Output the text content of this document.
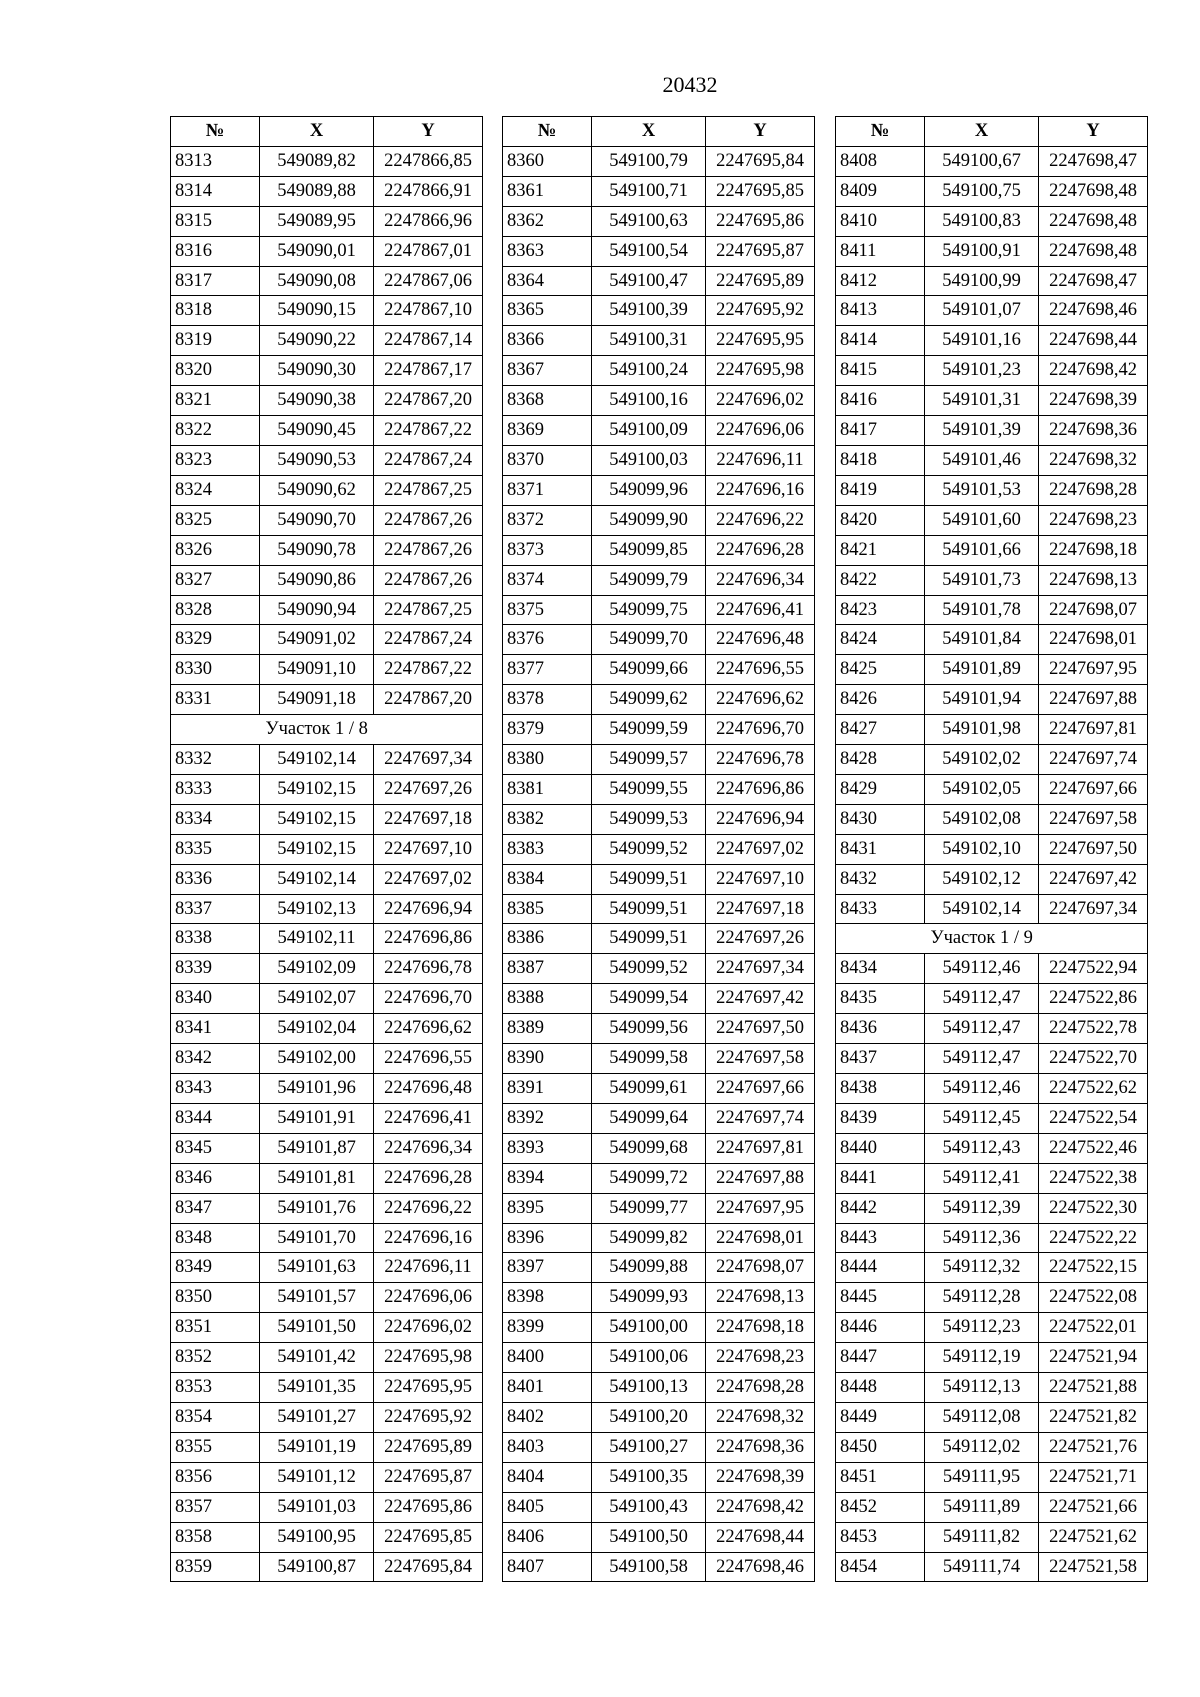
20432
№	X	Y
8313	549089,82	2247866,85
8314	549089,88	2247866,91
8315	549089,95	2247866,96
8316	549090,01	2247867,01
8317	549090,08	2247867,06
8318	549090,15	2247867,10
8319	549090,22	2247867,14
8320	549090,30	2247867,17
8321	549090,38	2247867,20
8322	549090,45	2247867,22
8323	549090,53	2247867,24
8324	549090,62	2247867,25
8325	549090,70	2247867,26
8326	549090,78	2247867,26
8327	549090,86	2247867,26
8328	549090,94	2247867,25
8329	549091,02	2247867,24
8330	549091,10	2247867,22
8331	549091,18	2247867,20
	Участок 1 / 8	
8332	549102,14	2247697,34
8333	549102,15	2247697,26
8334	549102,15	2247697,18
8335	549102,15	2247697,10
8336	549102,14	2247697,02
8337	549102,13	2247696,94
8338	549102,11	2247696,86
8339	549102,09	2247696,78
8340	549102,07	2247696,70
8341	549102,04	2247696,62
8342	549102,00	2247696,55
8343	549101,96	2247696,48
8344	549101,91	2247696,41
8345	549101,87	2247696,34
8346	549101,81	2247696,28
8347	549101,76	2247696,22
8348	549101,70	2247696,16
8349	549101,63	2247696,11
8350	549101,57	2247696,06
8351	549101,50	2247696,02
8352	549101,42	2247695,98
8353	549101,35	2247695,95
8354	549101,27	2247695,92
8355	549101,19	2247695,89
8356	549101,12	2247695,87
8357	549101,03	2247695,86
8358	549100,95	2247695,85
8359	549100,87	2247695,84
№	X	Y
8360	549100,79	2247695,84
8361	549100,71	2247695,85
8362	549100,63	2247695,86
8363	549100,54	2247695,87
8364	549100,47	2247695,89
8365	549100,39	2247695,92
8366	549100,31	2247695,95
8367	549100,24	2247695,98
8368	549100,16	2247696,02
8369	549100,09	2247696,06
8370	549100,03	2247696,11
8371	549099,96	2247696,16
8372	549099,90	2247696,22
8373	549099,85	2247696,28
8374	549099,79	2247696,34
8375	549099,75	2247696,41
8376	549099,70	2247696,48
8377	549099,66	2247696,55
8378	549099,62	2247696,62
8379	549099,59	2247696,70
8380	549099,57	2247696,78
8381	549099,55	2247696,86
8382	549099,53	2247696,94
8383	549099,52	2247697,02
8384	549099,51	2247697,10
8385	549099,51	2247697,18
8386	549099,51	2247697,26
8387	549099,52	2247697,34
8388	549099,54	2247697,42
8389	549099,56	2247697,50
8390	549099,58	2247697,58
8391	549099,61	2247697,66
8392	549099,64	2247697,74
8393	549099,68	2247697,81
8394	549099,72	2247697,88
8395	549099,77	2247697,95
8396	549099,82	2247698,01
8397	549099,88	2247698,07
8398	549099,93	2247698,13
8399	549100,00	2247698,18
8400	549100,06	2247698,23
8401	549100,13	2247698,28
8402	549100,20	2247698,32
8403	549100,27	2247698,36
8404	549100,35	2247698,39
8405	549100,43	2247698,42
8406	549100,50	2247698,44
8407	549100,58	2247698,46
№	X	Y
8408	549100,67	2247698,47
8409	549100,75	2247698,48
8410	549100,83	2247698,48
8411	549100,91	2247698,48
8412	549100,99	2247698,47
8413	549101,07	2247698,46
8414	549101,16	2247698,44
8415	549101,23	2247698,42
8416	549101,31	2247698,39
8417	549101,39	2247698,36
8418	549101,46	2247698,32
8419	549101,53	2247698,28
8420	549101,60	2247698,23
8421	549101,66	2247698,18
8422	549101,73	2247698,13
8423	549101,78	2247698,07
8424	549101,84	2247698,01
8425	549101,89	2247697,95
8426	549101,94	2247697,88
8427	549101,98	2247697,81
8428	549102,02	2247697,74
8429	549102,05	2247697,66
8430	549102,08	2247697,58
8431	549102,10	2247697,50
8432	549102,12	2247697,42
8433	549102,14	2247697,34
	Участок 1 / 9	
8434	549112,46	2247522,94
8435	549112,47	2247522,86
8436	549112,47	2247522,78
8437	549112,47	2247522,70
8438	549112,46	2247522,62
8439	549112,45	2247522,54
8440	549112,43	2247522,46
8441	549112,41	2247522,38
8442	549112,39	2247522,30
8443	549112,36	2247522,22
8444	549112,32	2247522,15
8445	549112,28	2247522,08
8446	549112,23	2247522,01
8447	549112,19	2247521,94
8448	549112,13	2247521,88
8449	549112,08	2247521,82
8450	549112,02	2247521,76
8451	549111,95	2247521,71
8452	549111,89	2247521,66
8453	549111,82	2247521,62
8454	549111,74	2247521,58
